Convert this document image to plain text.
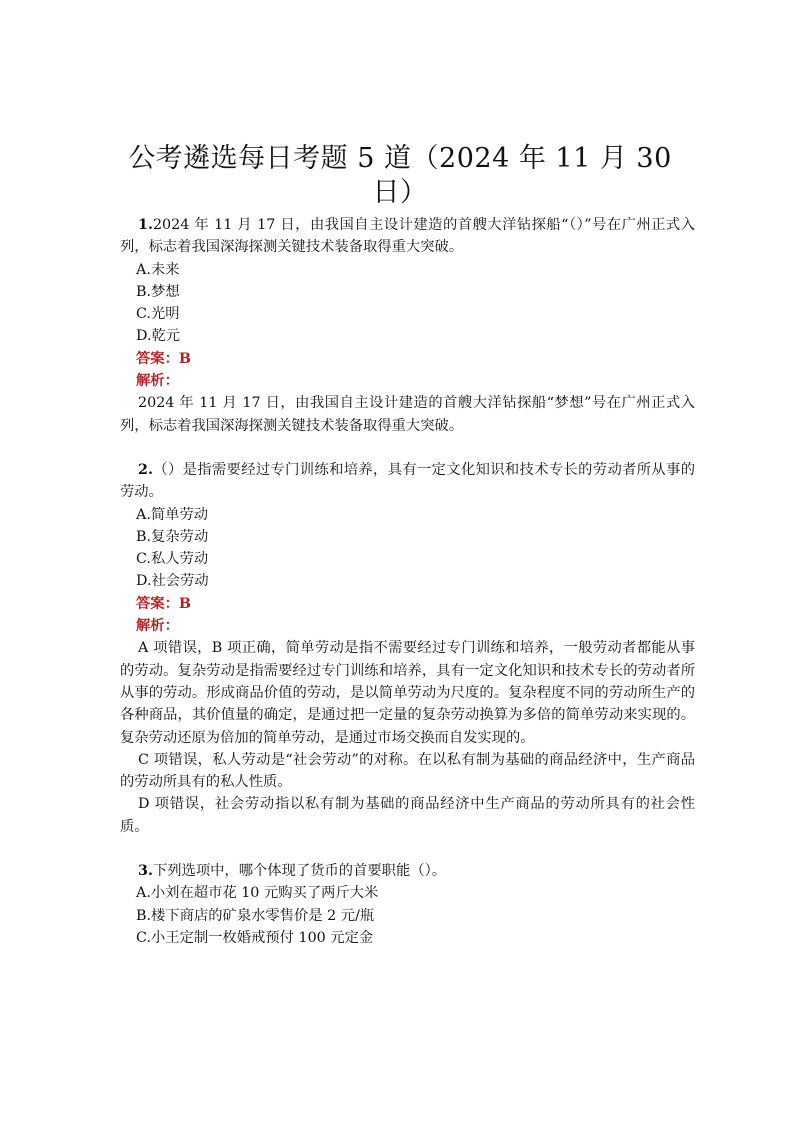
公考遴选每日考题 5 道（2024 年 11 月 30 日）

1.2024 年 11 月 17 日，由我国自主设计建造的首艘大洋钻探船“（）”号在广州正式入列，标志着我国深海探测关键技术装备取得重大突破。

A.未来

B.梦想

C.光明

D.乾元

答案：B

解析：

2024 年 11 月 17 日，由我国自主设计建造的首艘大洋钻探船“梦想”号在广州正式入列，标志着我国深海探测关键技术装备取得重大突破。

2.（）是指需要经过专门训练和培养，具有一定文化知识和技术专长的劳动者所从事的劳动。

A.简单劳动

B.复杂劳动

C.私人劳动

D.社会劳动

答案：B

解析：

A 项错误，B 项正确，简单劳动是指不需要经过专门训练和培养，一般劳动者都能从事的劳动。复杂劳动是指需要经过专门训练和培养，具有一定文化知识和技术专长的劳动者所从事的劳动。形成商品价值的劳动，是以简单劳动为尺度的。复杂程度不同的劳动所生产的各种商品，其价值量的确定，是通过把一定量的复杂劳动换算为多倍的简单劳动来实现的。复杂劳动还原为倍加的简单劳动，是通过市场交换而自发实现的。

C 项错误，私人劳动是“社会劳动”的对称。在以私有制为基础的商品经济中，生产商品的劳动所具有的私人性质。

D 项错误，社会劳动指以私有制为基础的商品经济中生产商品的劳动所具有的社会性质。

3.下列选项中，哪个体现了货币的首要职能（）。

A.小刘在超市花 10 元购买了两斤大米

B.楼下商店的矿泉水零售价是 2 元/瓶

C.小王定制一枚婚戒预付 100 元定金
